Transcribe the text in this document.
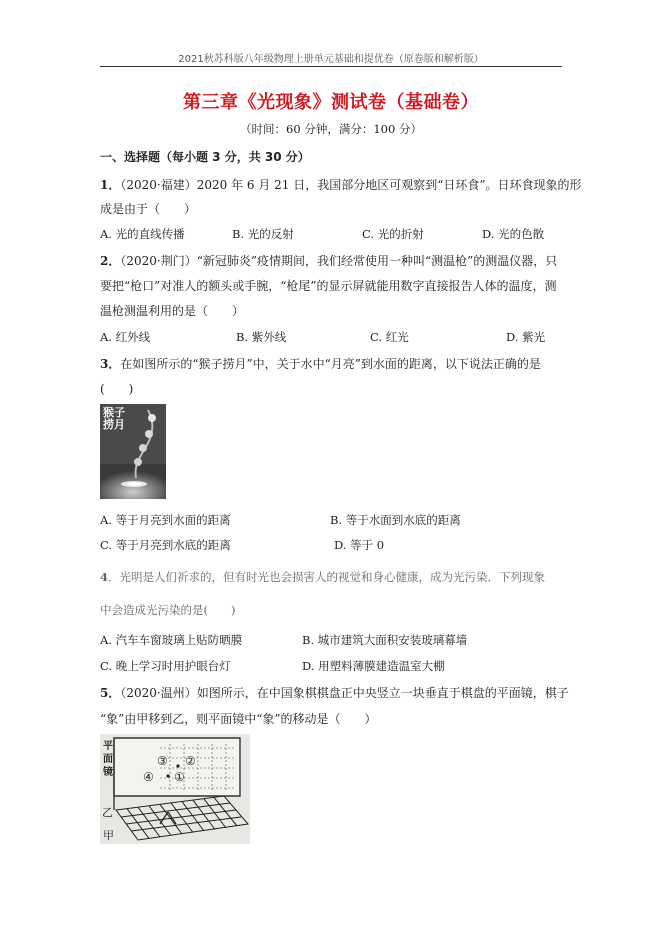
2021秋苏科版八年级物理上册单元基础和提优卷（原卷版和解析版）
第三章《光现象》测试卷（基础卷）
（时间：60 分钟，满分：100 分）
一、选择题（每小题 3 分，共 30 分）
1．（2020·福建）2020 年 6 月 21 日，我国部分地区可观察到“日环食”。日环食现象的形
成是由于（　　）
A. 光的直线传播	B. 光的反射	C. 光的折射	D. 光的色散
2．（2020·荆门）“新冠肺炎”疫情期间，我们经常使用一种叫“测温枪”的测温仪器，只
要把“枪口”对准人的额头或手腕，“枪尾”的显示屏就能用数字直接报告人体的温度，测
温枪测温利用的是（　　）
A. 红外线	B. 紫外线	C. 红光	D. 紫光
3．在如图所示的“猴子捞月”中，关于水中“月亮”到水面的距离，以下说法正确的是
(　　)
猴子捞月
A. 等于月亮到水面的距离	B. 等于水面到水底的距离
C. 等于月亮到水底的距离	D. 等于 0
4．光明是人们祈求的，但有时光也会损害人的视觉和身心健康，成为光污染．下列现象
中会造成光污染的是(　　)
A. 汽车车窗玻璃上贴防晒膜	B. 城市建筑大面积安装玻璃幕墙
C. 晚上学习时用护眼台灯	D. 用塑料薄膜建造温室大棚
5．（2020·温州）如图所示，在中国象棋棋盘正中央竖立一块垂直于棋盘的平面镜，棋子
“象”由甲移到乙，则平面镜中“象”的移动是（　　）
平面镜
③ ②
④ ①
乙
甲
